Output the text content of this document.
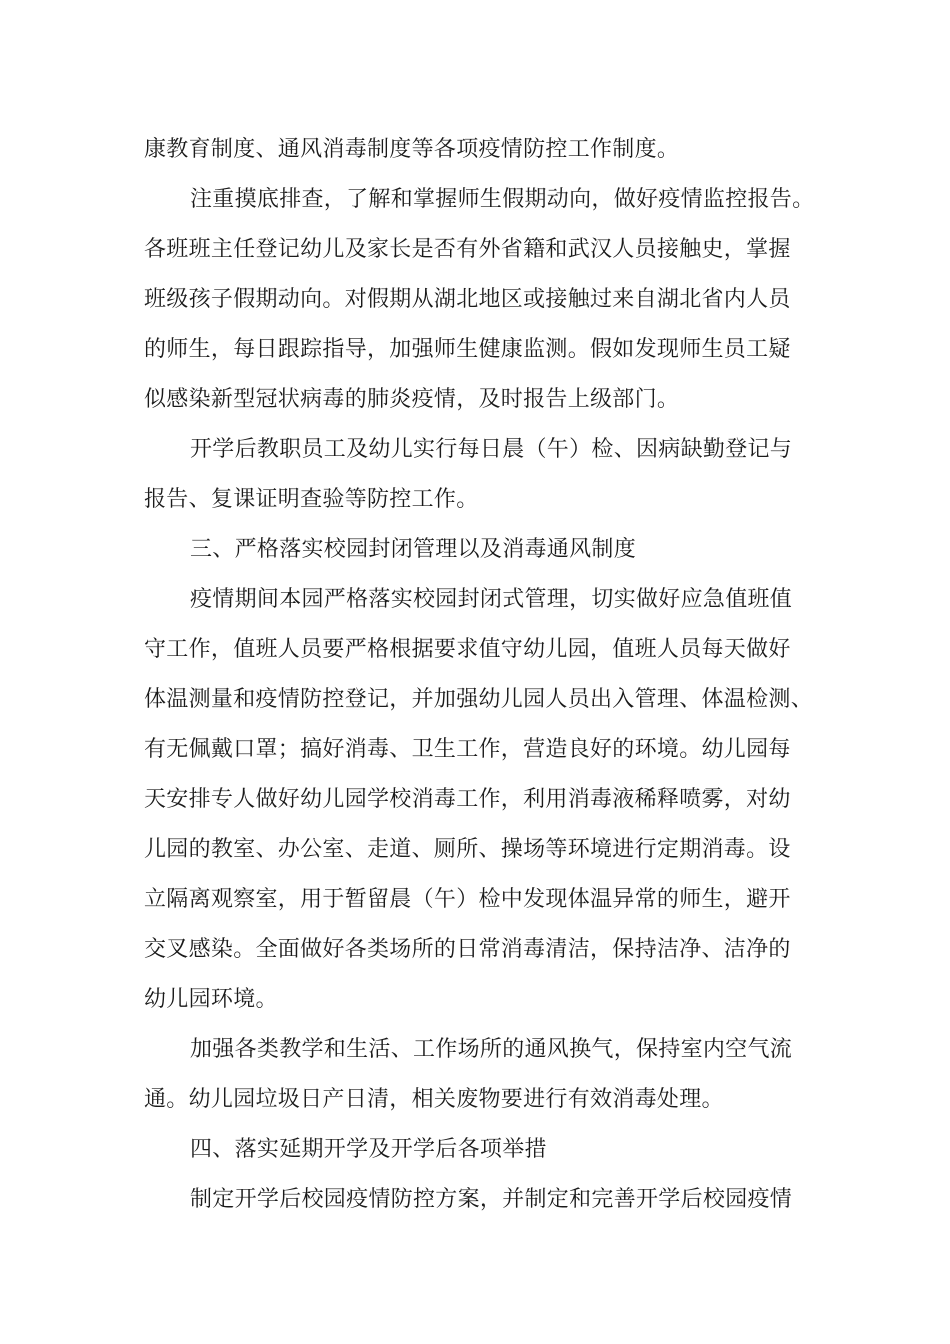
康教育制度、通风消毒制度等各项疫情防控工作制度。
注重摸底排查，了解和掌握师生假期动向，做好疫情监控报告。
各班班主任登记幼儿及家长是否有外省籍和武汉人员接触史，掌握
班级孩子假期动向。对假期从湖北地区或接触过来自湖北省内人员
的师生，每日跟踪指导，加强师生健康监测。假如发现师生员工疑
似感染新型冠状病毒的肺炎疫情，及时报告上级部门。
开学后教职员工及幼儿实行每日晨（午）检、因病缺勤登记与
报告、复课证明查验等防控工作。
三、严格落实校园封闭管理以及消毒通风制度
疫情期间本园严格落实校园封闭式管理，切实做好应急值班值
守工作，值班人员要严格根据要求值守幼儿园，值班人员每天做好
体温测量和疫情防控登记，并加强幼儿园人员出入管理、体温检测、
有无佩戴口罩；搞好消毒、卫生工作，营造良好的环境。幼儿园每
天安排专人做好幼儿园学校消毒工作，利用消毒液稀释喷雾，对幼
儿园的教室、办公室、走道、厕所、操场等环境进行定期消毒。设
立隔离观察室，用于暂留晨（午）检中发现体温异常的师生，避开
交叉感染。全面做好各类场所的日常消毒清洁，保持洁净、洁净的
幼儿园环境。
加强各类教学和生活、工作场所的通风换气，保持室内空气流
通。幼儿园垃圾日产日清，相关废物要进行有效消毒处理。
四、落实延期开学及开学后各项举措
制定开学后校园疫情防控方案，并制定和完善开学后校园疫情
